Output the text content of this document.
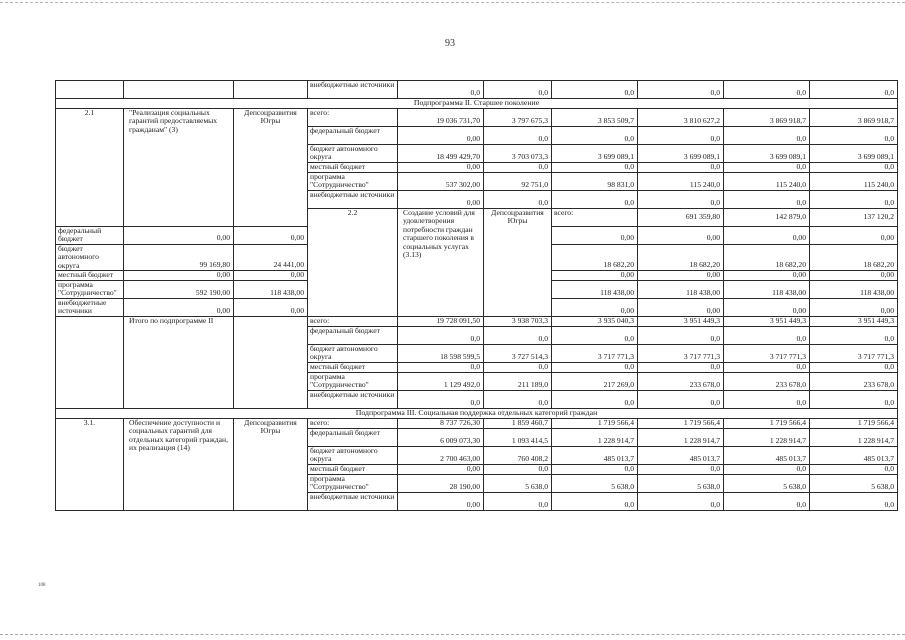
93
			внебюджетные источники	0,0	0,0	0,0	0,0	0,0	0,0	
Подпрограмма II. Старшее поколение										
2.1	"Реализация социальных гарантий предоставляемых гражданам" (3)	Депсоцразвития Югры	всего:	19 036 731,70	3 797 675,3	3 853 509,7	3 810 627,2	3 869 918,7	3 869 918,7	
			федеральный бюджет	0,00	0,0	0,0	0,0	0,0	0,0	
			бюджет автономного округа	18 499 429,70	3 703 073,3	3 699 089,1	3 699 089,1	3 699 089,1	3 699 089,1	
			местный бюджет	0,00	0,0	0,0	0,0	0,0	0,0	
			программа "Сотрудничество"	537 302,00	92 751,0	98 831,0	115 240,0	115 240,0	115 240,0	
			внебюджетные источники	0,00	0,0	0,0	0,0	0,0	0,0	
			2.2	Создание условий для удовлетворения потребности граждан старшего поколения в социальных услугах (3.13)	Депсоцразвития Югры	всего:	691 359,80	142 879,0	137 120,2			
федеральный бюджет	0,00	0,00				0,00	0,00	0,00	0,00	
бюджет автономного округа	99 169,80	24 441,00				18 682,20	18 682,20	18 682,20	18 682,20	
местный бюджет	0,00	0,00				0,00	0,00	0,00	0,00	
программа "Сотрудничество"	592 190,00	118 438,00				118 438,00	118 438,00	118 438,00	118 438,00	
внебюджетные источники	0,00	0,00				0,00	0,00	0,00	0,00	
	Итого по подпрограмме II		всего:	19 728 091,50	3 938 703,3	3 935 040,3	3 951 449,3	3 951 449,3	3 951 449,3	
			федеральный бюджет	0,0	0,0	0,0	0,0	0,0	0,0	
			бюджет автономного округа	18 598 599,5	3 727 514,3	3 717 771,3	3 717 771,3	3 717 771,3	3 717 771,3	
			местный бюджет	0,0	0,0	0,0	0,0	0,0	0,0	
			программа "Сотрудничество"	1 129 492,0	211 189,0	217 269,0	233 678,0	233 678,0	233 678,0	
			внебюджетные источники	0,0	0,0	0,0	0,0	0,0	0,0	
Подпрограмма III. Социальная поддержка отдельных категорий граждан										
3.1.	Обеспечение доступности и социальных гарантий для отдельных категорий граждан, их реализация (14)	Депсоцразвития Югры	всего:	8 737 726,30	1 859 460,7	1 719 566,4	1 719 566,4	1 719 566,4	1 719 566,4	
			федеральный бюджет	6 009 073,30	1 093 414,5	1 228 914,7	1 228 914,7	1 228 914,7	1 228 914,7	
			бюджет автономного округа	2 700 463,00	760 408,2	485 013,7	485 013,7	485 013,7	485 013,7	
			местный бюджет	0,00	0,0	0,0	0,0	0,0	0,0	
			программа "Сотрудничество"	28 190,00	5 638,0	5 638,0	5 638,0	5 638,0	5 638,0	
			внебюджетные источники	0,00	0,0	0,0	0,0	0,0	0,0	
108
